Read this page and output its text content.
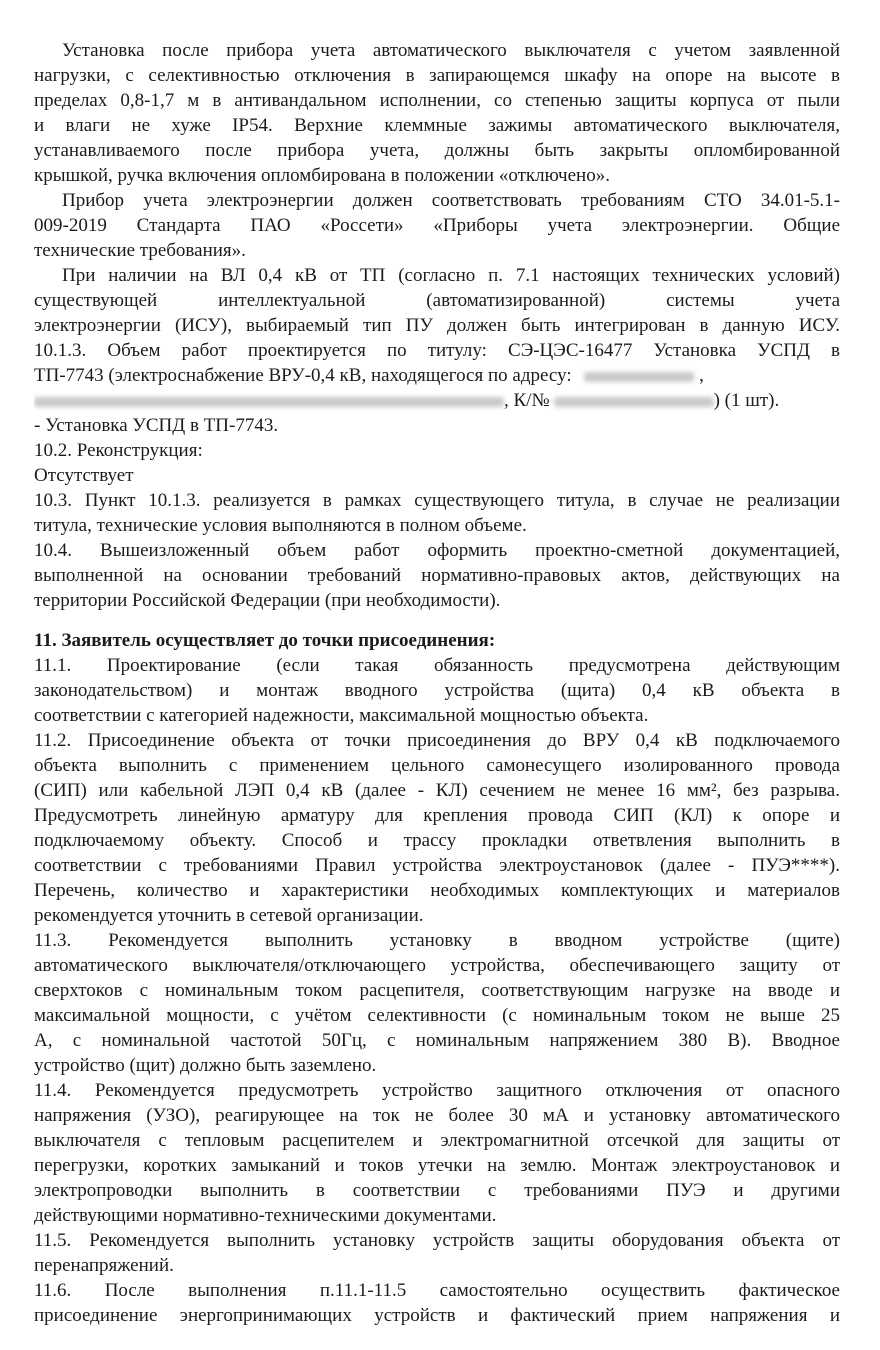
Установка после прибора учета автоматического выключателя с учетом заявленной
нагрузки, с селективностью отключения в запирающемся шкафу на опоре на высоте в
пределах 0,8-1,7 м в антивандальном исполнении, со степенью защиты корпуса от пыли
и влаги не хуже IP54. Верхние клеммные зажимы автоматического выключателя,
устанавливаемого после прибора учета, должны быть закрыты опломбированной
крышкой, ручка включения опломбирована в положении «отключено».
Прибор учета электроэнергии должен соответствовать требованиям СТО 34.01-5.1-
009-2019 Стандарта ПАО «Россети» «Приборы учета электроэнергии. Общие
технические требования».
При наличии на ВЛ 0,4 кВ от ТП (согласно п. 7.1 настоящих технических условий)
существующей интеллектуальной (автоматизированной) системы учета
электроэнергии (ИСУ), выбираемый тип ПУ должен быть интегрирован в данную ИСУ.
10.1.3. Объем работ проектируется по титулу: СЭ-ЦЭС-16477 Установка УСПД в
ТП-7743 (электроснабжение ВРУ-0,4 кВ, находящегося по адресу:	,
, К/№	) (1 шт).
- Установка УСПД в ТП-7743.
10.2. Реконструкция:
Отсутствует
10.3. Пункт 10.1.3. реализуется в рамках существующего титула, в случае не реализации
титула, технические условия выполняются в полном объеме.
10.4. Вышеизложенный объем работ оформить проектно-сметной документацией,
выполненной на основании требований нормативно-правовых актов, действующих на
территории Российской Федерации (при необходимости).
11. Заявитель осуществляет до точки присоединения:
11.1. Проектирование (если такая обязанность предусмотрена действующим
законодательством) и монтаж вводного устройства (щита) 0,4 кВ объекта в
соответствии с категорией надежности, максимальной мощностью объекта.
11.2. Присоединение объекта от точки присоединения до ВРУ 0,4 кВ подключаемого
объекта выполнить с применением цельного самонесущего изолированного провода
(СИП) или кабельной ЛЭП 0,4 кВ (далее - КЛ) сечением не менее 16 мм², без разрыва.
Предусмотреть линейную арматуру для крепления провода СИП (КЛ) к опоре и
подключаемому объекту. Способ и трассу прокладки ответвления выполнить в
соответствии с требованиями Правил устройства электроустановок (далее - ПУЭ****).
Перечень, количество и характеристики необходимых комплектующих и материалов
рекомендуется уточнить в сетевой организации.
11.3. Рекомендуется выполнить установку в вводном устройстве (щите)
автоматического выключателя/отключающего устройства, обеспечивающего защиту от
сверхтоков с номинальным током расцепителя, соответствующим нагрузке на вводе и
максимальной мощности, с учётом селективности (с номинальным током не выше 25
А, с номинальной частотой 50Гц, с номинальным напряжением 380 В). Вводное
устройство (щит) должно быть заземлено.
11.4. Рекомендуется предусмотреть устройство защитного отключения от опасного
напряжения (УЗО), реагирующее на ток не более 30 мА и установку автоматического
выключателя с тепловым расцепителем и электромагнитной отсечкой для защиты от
перегрузки, коротких замыканий и токов утечки на землю. Монтаж электроустановок и
электропроводки выполнить в соответствии с требованиями ПУЭ и другими
действующими нормативно-техническими документами.
11.5. Рекомендуется выполнить установку устройств защиты оборудования объекта от
перенапряжений.
11.6. После выполнения п.11.1-11.5 самостоятельно осуществить фактическое
присоединение энергопринимающих устройств и фактический прием напряжения и
